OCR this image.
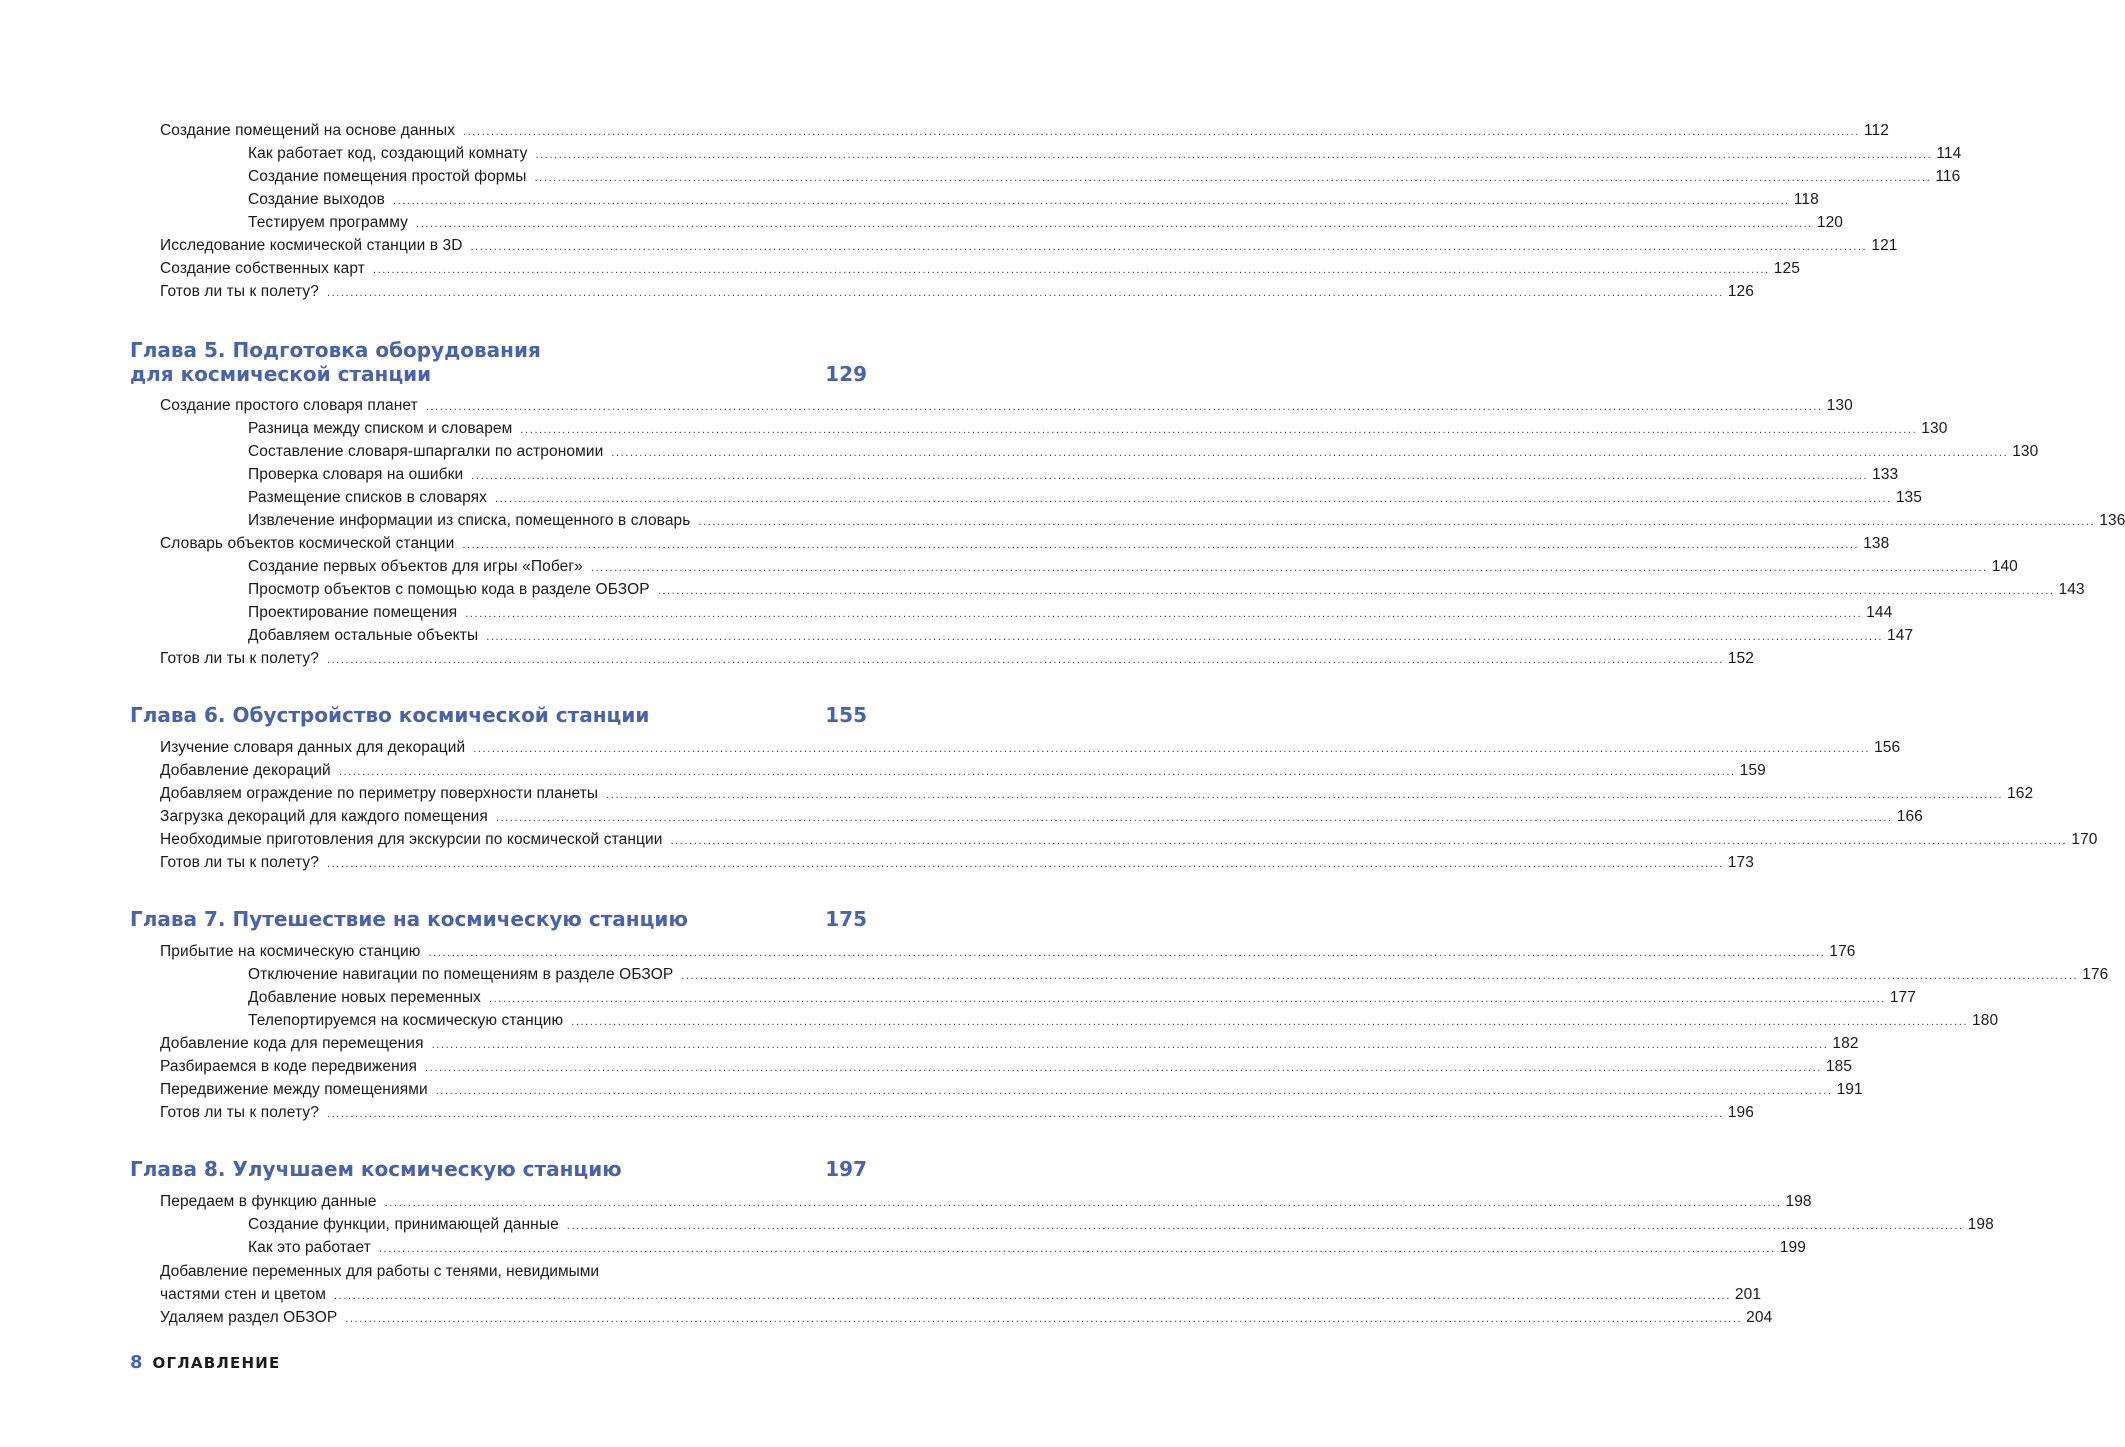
Создание помещений на основе данных ............................................................................................................................................................................................................................................................................................................ 112
Как работает код, создающий комнату ............................................................................................................................................................................................................................................................................................................ 114
Создание помещения простой формы ............................................................................................................................................................................................................................................................................................................ 116
Создание выходов ............................................................................................................................................................................................................................................................................................................ 118
Тестируем программу ............................................................................................................................................................................................................................................................................................................ 120
Исследование космической станции в 3D ............................................................................................................................................................................................................................................................................................................ 121
Создание собственных карт ............................................................................................................................................................................................................................................................................................................ 125
Готов ли ты к полету? ............................................................................................................................................................................................................................................................................................................ 126
Глава 5. Подготовка оборудования
для космической станции	129
Создание простого словаря планет ............................................................................................................................................................................................................................................................................................................ 130
Разница между списком и словарем ............................................................................................................................................................................................................................................................................................................ 130
Составление словаря-шпаргалки по астрономии ............................................................................................................................................................................................................................................................................................................ 130
Проверка словаря на ошибки ............................................................................................................................................................................................................................................................................................................ 133
Размещение списков в словарях ............................................................................................................................................................................................................................................................................................................ 135
Извлечение информации из списка, помещенного в словарь ............................................................................................................................................................................................................................................................................................................ 136
Словарь объектов космической станции ............................................................................................................................................................................................................................................................................................................ 138
Создание первых объектов для игры «Побег» ............................................................................................................................................................................................................................................................................................................ 140
Просмотр объектов с помощью кода в разделе ОБЗОР ............................................................................................................................................................................................................................................................................................................ 143
Проектирование помещения ............................................................................................................................................................................................................................................................................................................ 144
Добавляем остальные объекты ............................................................................................................................................................................................................................................................................................................ 147
Готов ли ты к полету? ............................................................................................................................................................................................................................................................................................................ 152
Глава 6. Обустройство космической станции	155
Изучение словаря данных для декораций ............................................................................................................................................................................................................................................................................................................ 156
Добавление декораций ............................................................................................................................................................................................................................................................................................................ 159
Добавляем ограждение по периметру поверхности планеты ............................................................................................................................................................................................................................................................................................................ 162
Загрузка декораций для каждого помещения ............................................................................................................................................................................................................................................................................................................ 166
Необходимые приготовления для экскурсии по космической станции ............................................................................................................................................................................................................................................................................................................ 170
Готов ли ты к полету? ............................................................................................................................................................................................................................................................................................................ 173
Глава 7. Путешествие на космическую станцию	175
Прибытие на космическую станцию ............................................................................................................................................................................................................................................................................................................ 176
Отключение навигации по помещениям в разделе ОБЗОР ............................................................................................................................................................................................................................................................................................................ 176
Добавление новых переменных ............................................................................................................................................................................................................................................................................................................ 177
Телепортируемся на космическую станцию ............................................................................................................................................................................................................................................................................................................ 180
Добавление кода для перемещения ............................................................................................................................................................................................................................................................................................................ 182
Разбираемся в коде передвижения ............................................................................................................................................................................................................................................................................................................ 185
Передвижение между помещениями ............................................................................................................................................................................................................................................................................................................ 191
Готов ли ты к полету? ............................................................................................................................................................................................................................................................................................................ 196
Глава 8. Улучшаем космическую станцию	197
Передаем в функцию данные ............................................................................................................................................................................................................................................................................................................ 198
Создание функции, принимающей данные ............................................................................................................................................................................................................................................................................................................ 198
Как это работает ............................................................................................................................................................................................................................................................................................................ 199
Добавление переменных для работы с тенями, невидимыми
частями стен и цветом ............................................................................................................................................................................................................................................................................................................ 201
Удаляем раздел ОБЗОР ............................................................................................................................................................................................................................................................................................................ 204
8 ОГЛАВЛЕНИЕ
